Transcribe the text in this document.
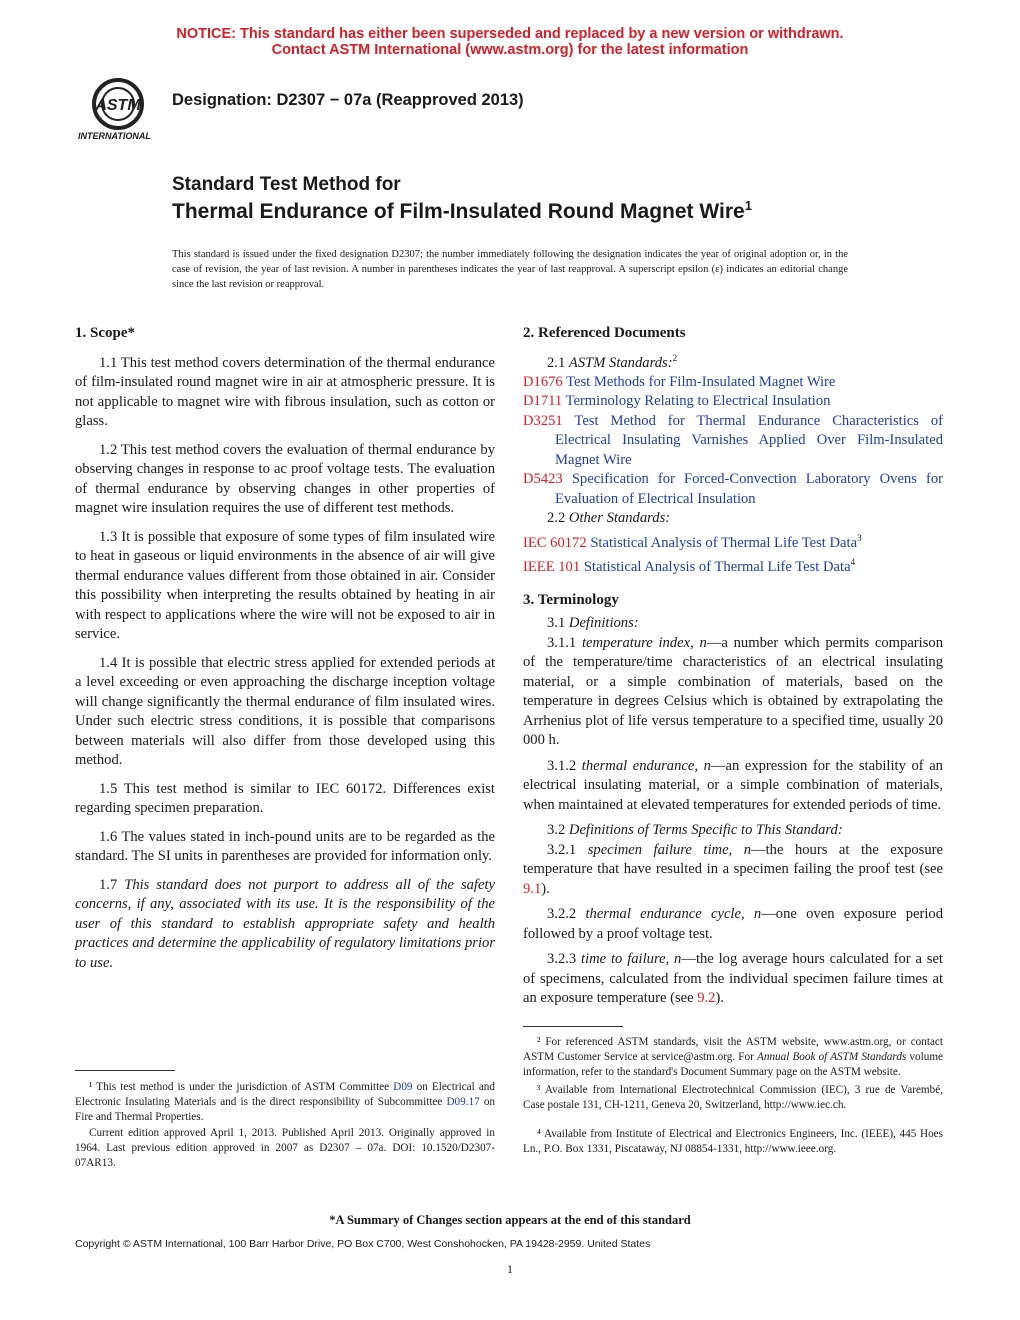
NOTICE: This standard has either been superseded and replaced by a new version or withdrawn.
Contact ASTM International (www.astm.org) for the latest information
ASTM
INTERNATIONAL
Designation: D2307 − 07a (Reapproved 2013)
Standard Test Method for
Thermal Endurance of Film-Insulated Round Magnet Wire$^1$
This standard is issued under the fixed designation D2307; the number immediately following the designation indicates the year of original adoption or, in the case of revision, the year of last revision. A number in parentheses indicates the year of last reapproval. A superscript epsilon (ε) indicates an editorial change since the last revision or reapproval.

1. Scope*

1.1 This test method covers determination of the thermal endurance of film-insulated round magnet wire in air at atmospheric pressure. It is not applicable to magnet wire with fibrous insulation, such as cotton or glass.

1.2 This test method covers the evaluation of thermal endurance by observing changes in response to ac proof voltage tests. The evaluation of thermal endurance by observing changes in other properties of magnet wire insulation requires the use of different test methods.

1.3 It is possible that exposure of some types of film insulated wire to heat in gaseous or liquid environments in the absence of air will give thermal endurance values different from those obtained in air. Consider this possibility when interpreting the results obtained by heating in air with respect to applications where the wire will not be exposed to air in service.

1.4 It is possible that electric stress applied for extended periods at a level exceeding or even approaching the discharge inception voltage will change significantly the thermal endurance of film insulated wires. Under such electric stress conditions, it is possible that comparisons between materials will also differ from those developed using this method.

1.5 This test method is similar to IEC 60172. Differences exist regarding specimen preparation.

1.6 The values stated in inch-pound units are to be regarded as the standard. The SI units in parentheses are provided for information only.

1.7 This standard does not purport to address all of the safety concerns, if any, associated with its use. It is the responsibility of the user of this standard to establish appropriate safety and health practices and determine the applicability of regulatory limitations prior to use.

¹ This test method is under the jurisdiction of ASTM Committee D09 on Electrical and Electronic Insulating Materials and is the direct responsibility of Subcommittee D09.17 on Fire and Thermal Properties.

Current edition approved April 1, 2013. Published April 2013. Originally approved in 1964. Last previous edition approved in 2007 as D2307 – 07a. DOI: 10.1520/D2307-07AR13.

2. Referenced Documents

2.1 ASTM Standards:$^2$

D1676 Test Methods for Film-Insulated Magnet Wire

D1711 Terminology Relating to Electrical Insulation

D3251 Test Method for Thermal Endurance Characteristics of Electrical Insulating Varnishes Applied Over Film-Insulated Magnet Wire

D5423 Specification for Forced-Convection Laboratory Ovens for Evaluation of Electrical Insulation

2.2 Other Standards:

IEC 60172 Statistical Analysis of Thermal Life Test Data$^3$

IEEE 101 Statistical Analysis of Thermal Life Test Data$^4$

3. Terminology

3.1 Definitions:

3.1.1 temperature index, n—a number which permits comparison of the temperature/time characteristics of an electrical insulating material, or a simple combination of materials, based on the temperature in degrees Celsius which is obtained by extrapolating the Arrhenius plot of life versus temperature to a specified time, usually 20 000 h.

3.1.2 thermal endurance, n—an expression for the stability of an electrical insulating material, or a simple combination of materials, when maintained at elevated temperatures for extended periods of time.

3.2 Definitions of Terms Specific to This Standard:

3.2.1 specimen failure time, n—the hours at the exposure temperature that have resulted in a specimen failing the proof test (see 9.1).

3.2.2 thermal endurance cycle, n—one oven exposure period followed by a proof voltage test.

3.2.3 time to failure, n—the log average hours calculated for a set of specimens, calculated from the individual specimen failure times at an exposure temperature (see 9.2).

² For referenced ASTM standards, visit the ASTM website, www.astm.org, or contact ASTM Customer Service at service@astm.org. For Annual Book of ASTM Standards volume information, refer to the standard's Document Summary page on the ASTM website.

³ Available from International Electrotechnical Commission (IEC), 3 rue de Varembé, Case postale 131, CH-1211, Geneva 20, Switzerland, http://www.iec.ch.

⁴ Available from Institute of Electrical and Electronics Engineers, Inc. (IEEE), 445 Hoes Ln., P.O. Box 1331, Piscataway, NJ 08854-1331, http://www.ieee.org.

*A Summary of Changes section appears at the end of this standard
Copyright © ASTM International, 100 Barr Harbor Drive, PO Box C700, West Conshohocken, PA 19428-2959. United States
1
